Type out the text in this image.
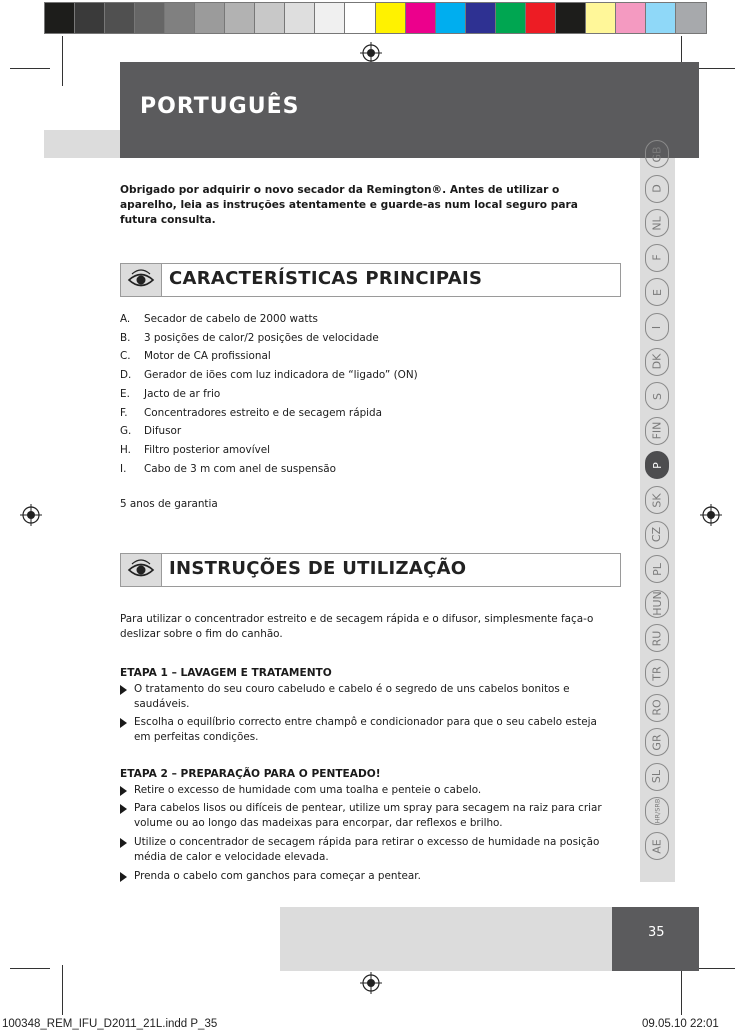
PORTUGUÊS
GB
D
NL
F
E
I
DK
S
FIN
P
SK
CZ
PL
HUN
RU
TR
RO
GR
SL
HR/SRB
AE
Obrigado por adquirir o novo secador da Remington®. Antes de utilizar o aparelho, leia as instruções atentamente e guarde-as num local seguro para futura consulta.
CARACTERÍSTICAS PRINCIPAIS
A. Secador de cabelo de 2000 watts
B. 3 posições de calor/2 posições de velocidade
C. Motor de CA profissional
D. Gerador de iões com luz indicadora de “ligado” (ON)
E. Jacto de ar frio
F. Concentradores estreito e de secagem rápida
G. Difusor
H. Filtro posterior amovível
I. Cabo de 3 m com anel de suspensão
5 anos de garantia
INSTRUÇÕES DE UTILIZAÇÃO
Para utilizar o concentrador estreito e de secagem rápida e o difusor, simplesmente faça-o deslizar sobre o fim do canhão.
ETAPA 1 – LAVAGEM E TRATAMENTO
O tratamento do seu couro cabeludo e cabelo é o segredo de uns cabelos bonitos e saudáveis.
Escolha o equilíbrio correcto entre champô e condicionador para que o seu cabelo esteja em perfeitas condições.
ETAPA 2 – PREPARAÇÃO PARA O PENTEADO!
Retire o excesso de humidade com uma toalha e penteie o cabelo.
Para cabelos lisos ou difíceis de pentear, utilize um spray para secagem na raiz para criar volume ou ao longo das madeixas para encorpar, dar reflexos e brilho.
Utilize o concentrador de secagem rápida para retirar o excesso de humidade na posição média de calor e velocidade elevada.
Prenda o cabelo com ganchos para começar a pentear.
35
100348_REM_IFU_D2011_21L.indd P_35	09.05.10 22:01
